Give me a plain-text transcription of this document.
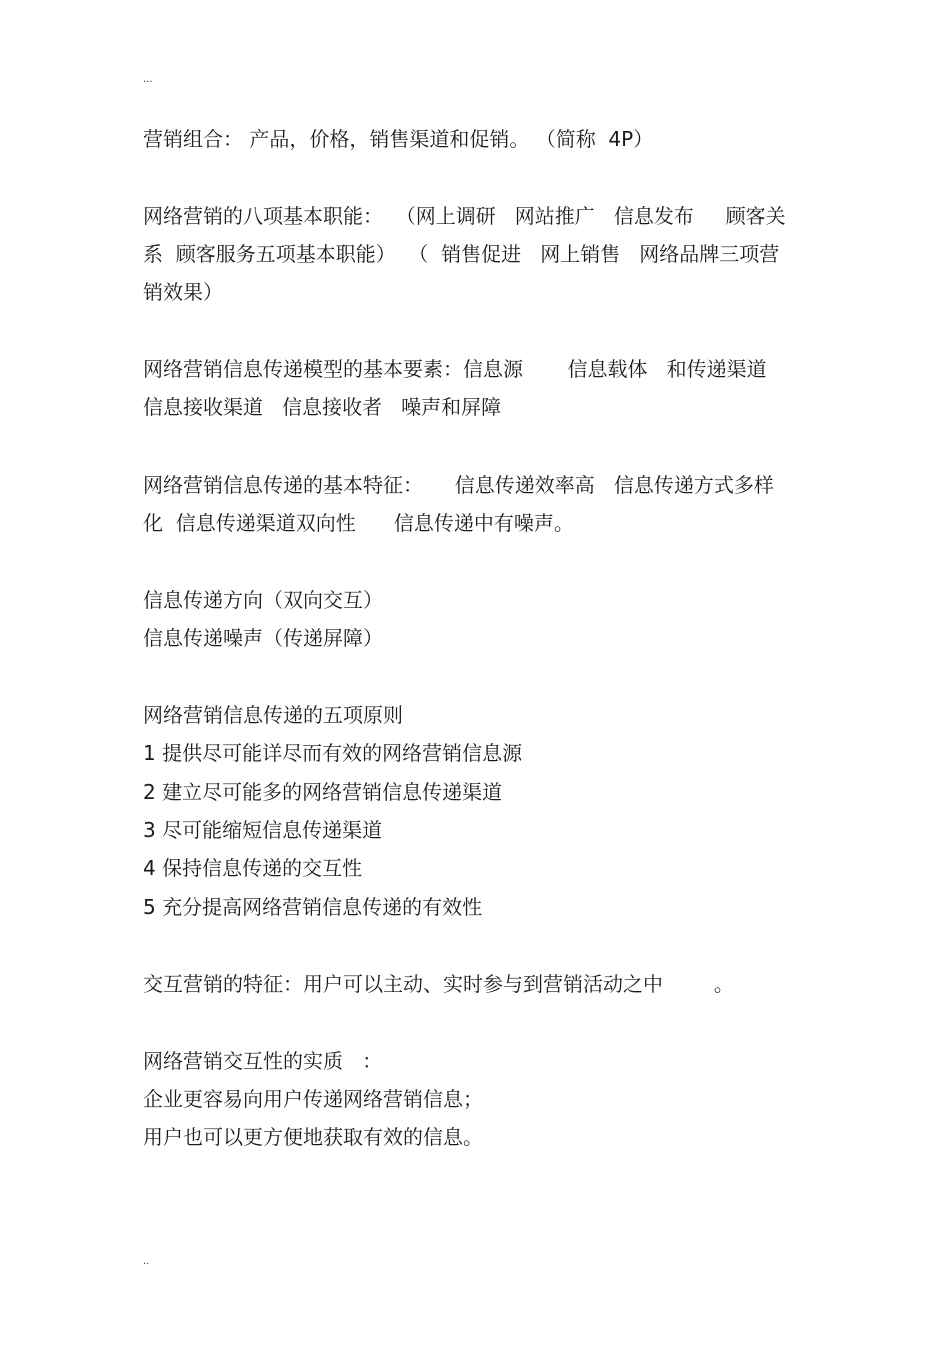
...

营销组合： 产品，价格，销售渠道和促销。 （简称  4P）

网络营销的八项基本职能：  （网上调研   网站推广   信息发布     顾客关

系  顾客服务五项基本职能）  （  销售促进   网上销售   网络品牌三项营

销效果）

网络营销信息传递模型的基本要素：信息源       信息载体   和传递渠道

信息接收渠道   信息接收者   噪声和屏障

网络营销信息传递的基本特征：     信息传递效率高   信息传递方式多样

化  信息传递渠道双向性      信息传递中有噪声。

信息传递方向（双向交互）

信息传递噪声（传递屏障）

网络营销信息传递的五项原则

1 提供尽可能详尽而有效的网络营销信息源

2 建立尽可能多的网络营销信息传递渠道

3 尽可能缩短信息传递渠道

4 保持信息传递的交互性

5 充分提高网络营销信息传递的有效性

交互营销的特征：用户可以主动、实时参与到营销活动之中        。

网络营销交互性的实质   ：

企业更容易向用户传递网络营销信息；

用户也可以更方便地获取有效的信息。

..
